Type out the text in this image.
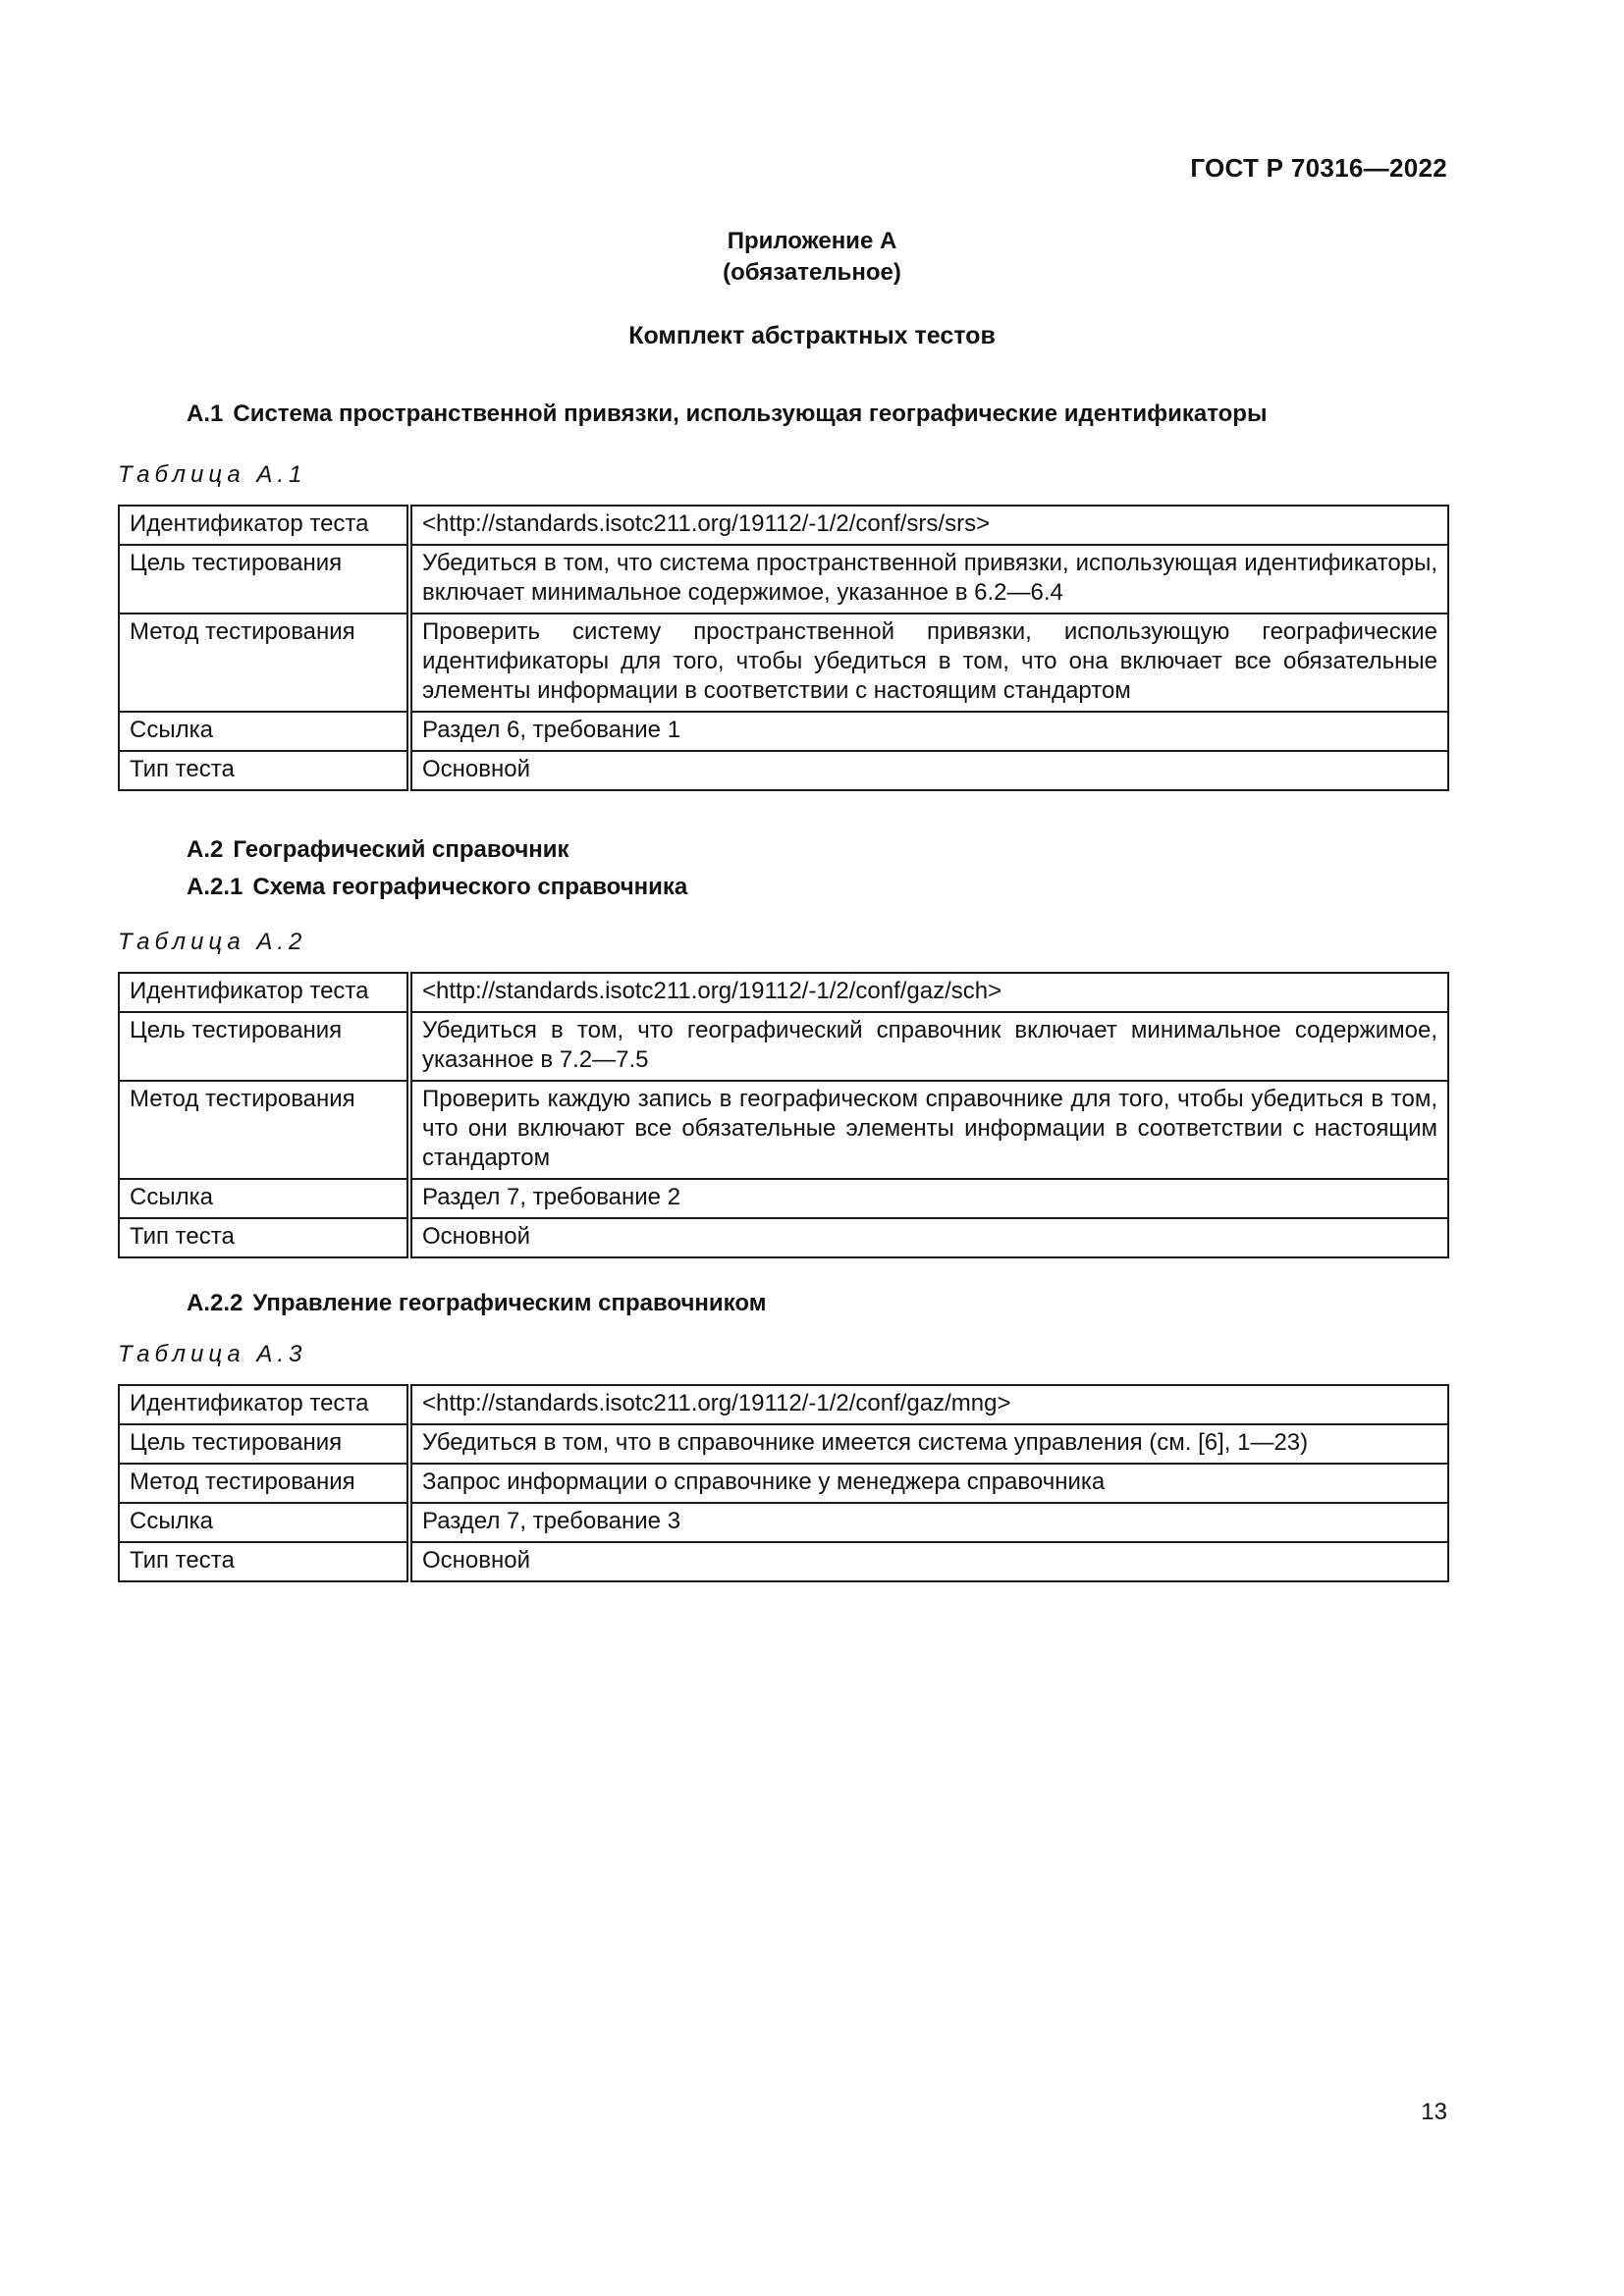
ГОСТ Р 70316—2022
Приложение А
(обязательное)
Комплект абстрактных тестов
А.1 Система пространственной привязки, использующая географические идентификаторы
Таблица А.1
Идентификатор теста	<http://standards.isotc211.org/19112/-1/2/conf/srs/srs>
Цель тестирования	Убедиться в том, что система пространственной привязки, использующая идентификаторы, включает минимальное содержимое, указанное в 6.2—6.4
Метод тестирования	Проверить систему пространственной привязки, использующую географические идентификаторы для того, чтобы убедиться в том, что она включает все обязательные элементы информации в соответствии с настоящим стандартом
Ссылка	Раздел 6, требование 1
Тип теста	Основной
А.2 Географический справочник
А.2.1 Схема географического справочника
Таблица А.2
Идентификатор теста	<http://standards.isotc211.org/19112/-1/2/conf/gaz/sch>
Цель тестирования	Убедиться в том, что географический справочник включает минимальное содержимое, указанное в 7.2—7.5
Метод тестирования	Проверить каждую запись в географическом справочнике для того, чтобы убедиться в том, что они включают все обязательные элементы информации в соответствии с настоящим стандартом
Ссылка	Раздел 7, требование 2
Тип теста	Основной
А.2.2 Управление географическим справочником
Таблица А.3
Идентификатор теста	<http://standards.isotc211.org/19112/-1/2/conf/gaz/mng>
Цель тестирования	Убедиться в том, что в справочнике имеется система управления (см. [6], 1—23)
Метод тестирования	Запрос информации о справочнике у менеджера справочника
Ссылка	Раздел 7, требование 3
Тип теста	Основной
13
